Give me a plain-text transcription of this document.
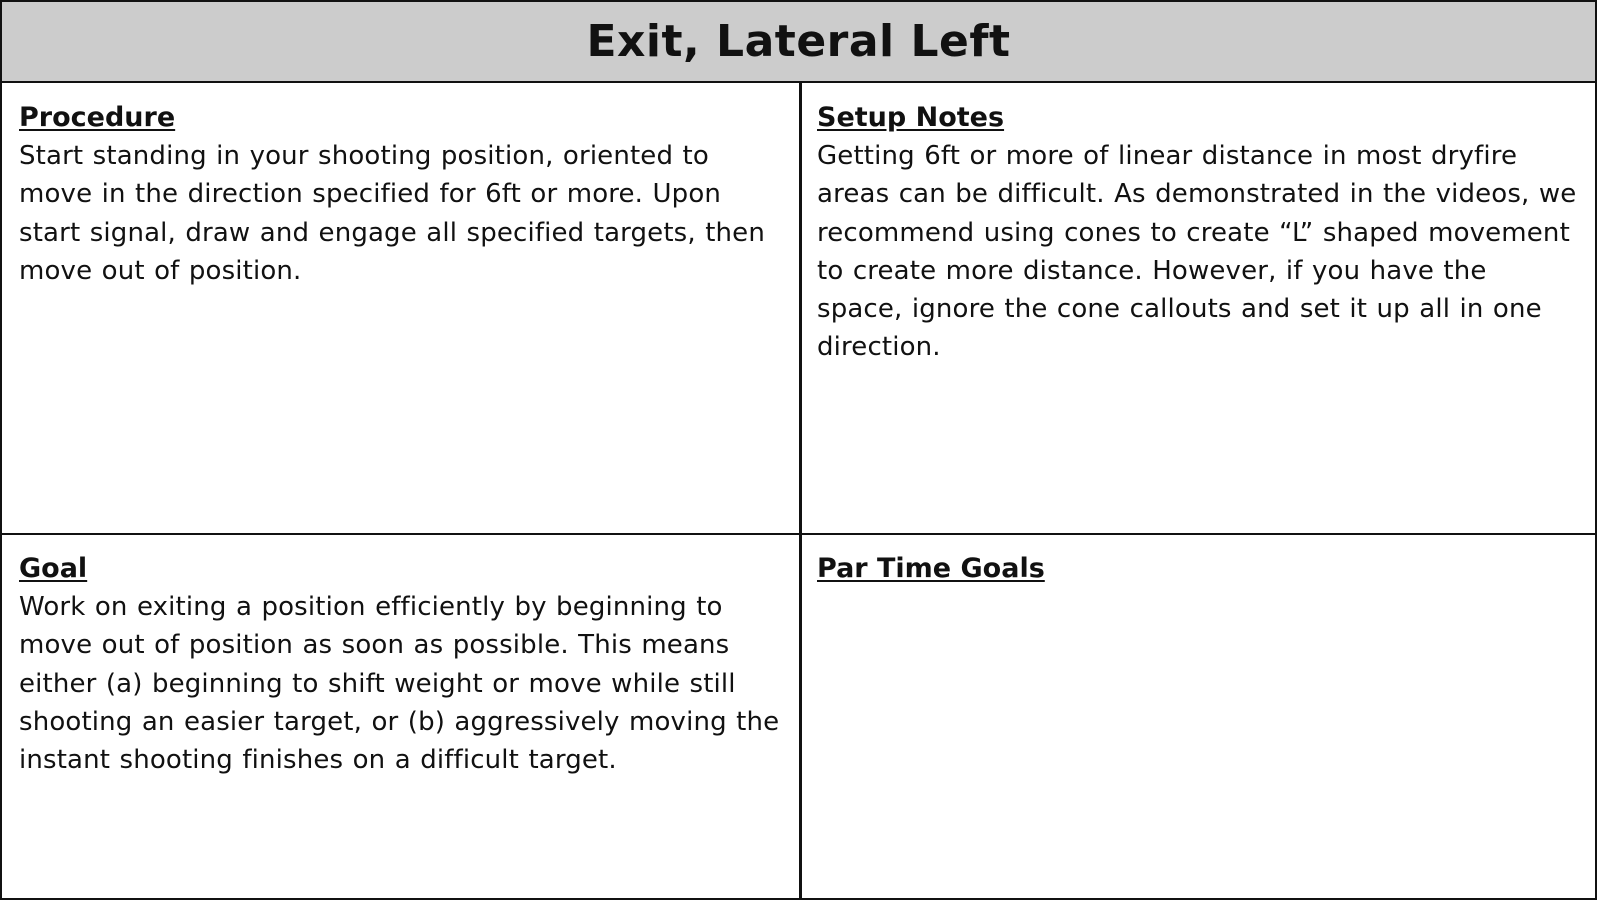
Exit, Lateral Left

Procedure

Start standing in your shooting position, oriented to move in the direction specified for 6ft or more. Upon start signal, draw and engage all specified targets, then move out of position.

Setup Notes

Getting 6ft or more of linear distance in most dryfire areas can be difficult. As demonstrated in the videos, we recommend using cones to create “L” shaped movement to create more distance. However, if you have the space, ignore the cone callouts and set it up all in one direction.

Goal

Work on exiting a position efficiently by beginning to move out of position as soon as possible. This means either (a) beginning to shift weight or move while still shooting an easier target, or (b) aggressively moving the instant shooting finishes on a difficult target.

Par Time Goals
